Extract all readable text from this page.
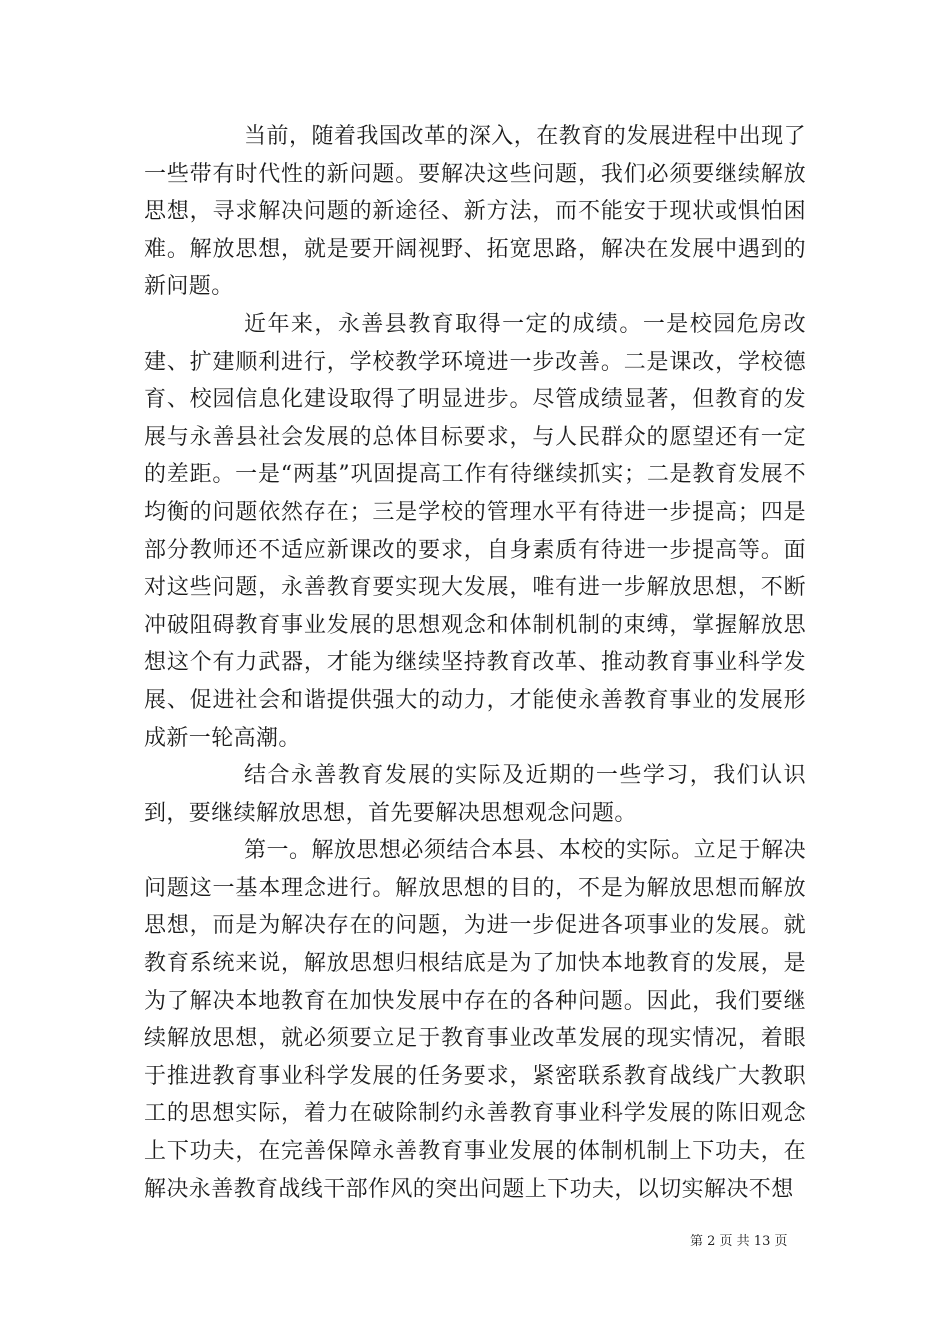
当前，随着我国改革的深入，在教育的发展进程中出现了一些带有时代性的新问题。要解决这些问题，我们必须要继续解放思想，寻求解决问题的新途径、新方法，而不能安于现状或惧怕困难。解放思想，就是要开阔视野、拓宽思路，解决在发展中遇到的新问题。

近年来，永善县教育取得一定的成绩。一是校园危房改建、扩建顺利进行，学校教学环境进一步改善。二是课改，学校德育、校园信息化建设取得了明显进步。尽管成绩显著，但教育的发展与永善县社会发展的总体目标要求，与人民群众的愿望还有一定的差距。一是“两基”巩固提高工作有待继续抓实；二是教育发展不均衡的问题依然存在；三是学校的管理水平有待进一步提高；四是部分教师还不适应新课改的要求，自身素质有待进一步提高等。面对这些问题，永善教育要实现大发展，唯有进一步解放思想，不断冲破阻碍教育事业发展的思想观念和体制机制的束缚，掌握解放思想这个有力武器，才能为继续坚持教育改革、推动教育事业科学发展、促进社会和谐提供强大的动力，才能使永善教育事业的发展形成新一轮高潮。

结合永善教育发展的实际及近期的一些学习，我们认识到，要继续解放思想，首先要解决思想观念问题。

第一。解放思想必须结合本县、本校的实际。立足于解决问题这一基本理念进行。解放思想的目的，不是为解放思想而解放思想，而是为解决存在的问题，为进一步促进各项事业的发展。就教育系统来说，解放思想归根结底是为了加快本地教育的发展，是为了解决本地教育在加快发展中存在的各种问题。因此，我们要继续解放思想，就必须要立足于教育事业改革发展的现实情况，着眼于推进教育事业科学发展的任务要求，紧密联系教育战线广大教职工的思想实际，着力在破除制约永善教育事业科学发展的陈旧观念上下功夫，在完善保障永善教育事业发展的体制机制上下功夫，在解决永善教育战线干部作风的突出问题上下功夫，以切实解决不想

第 2 页 共 13 页
